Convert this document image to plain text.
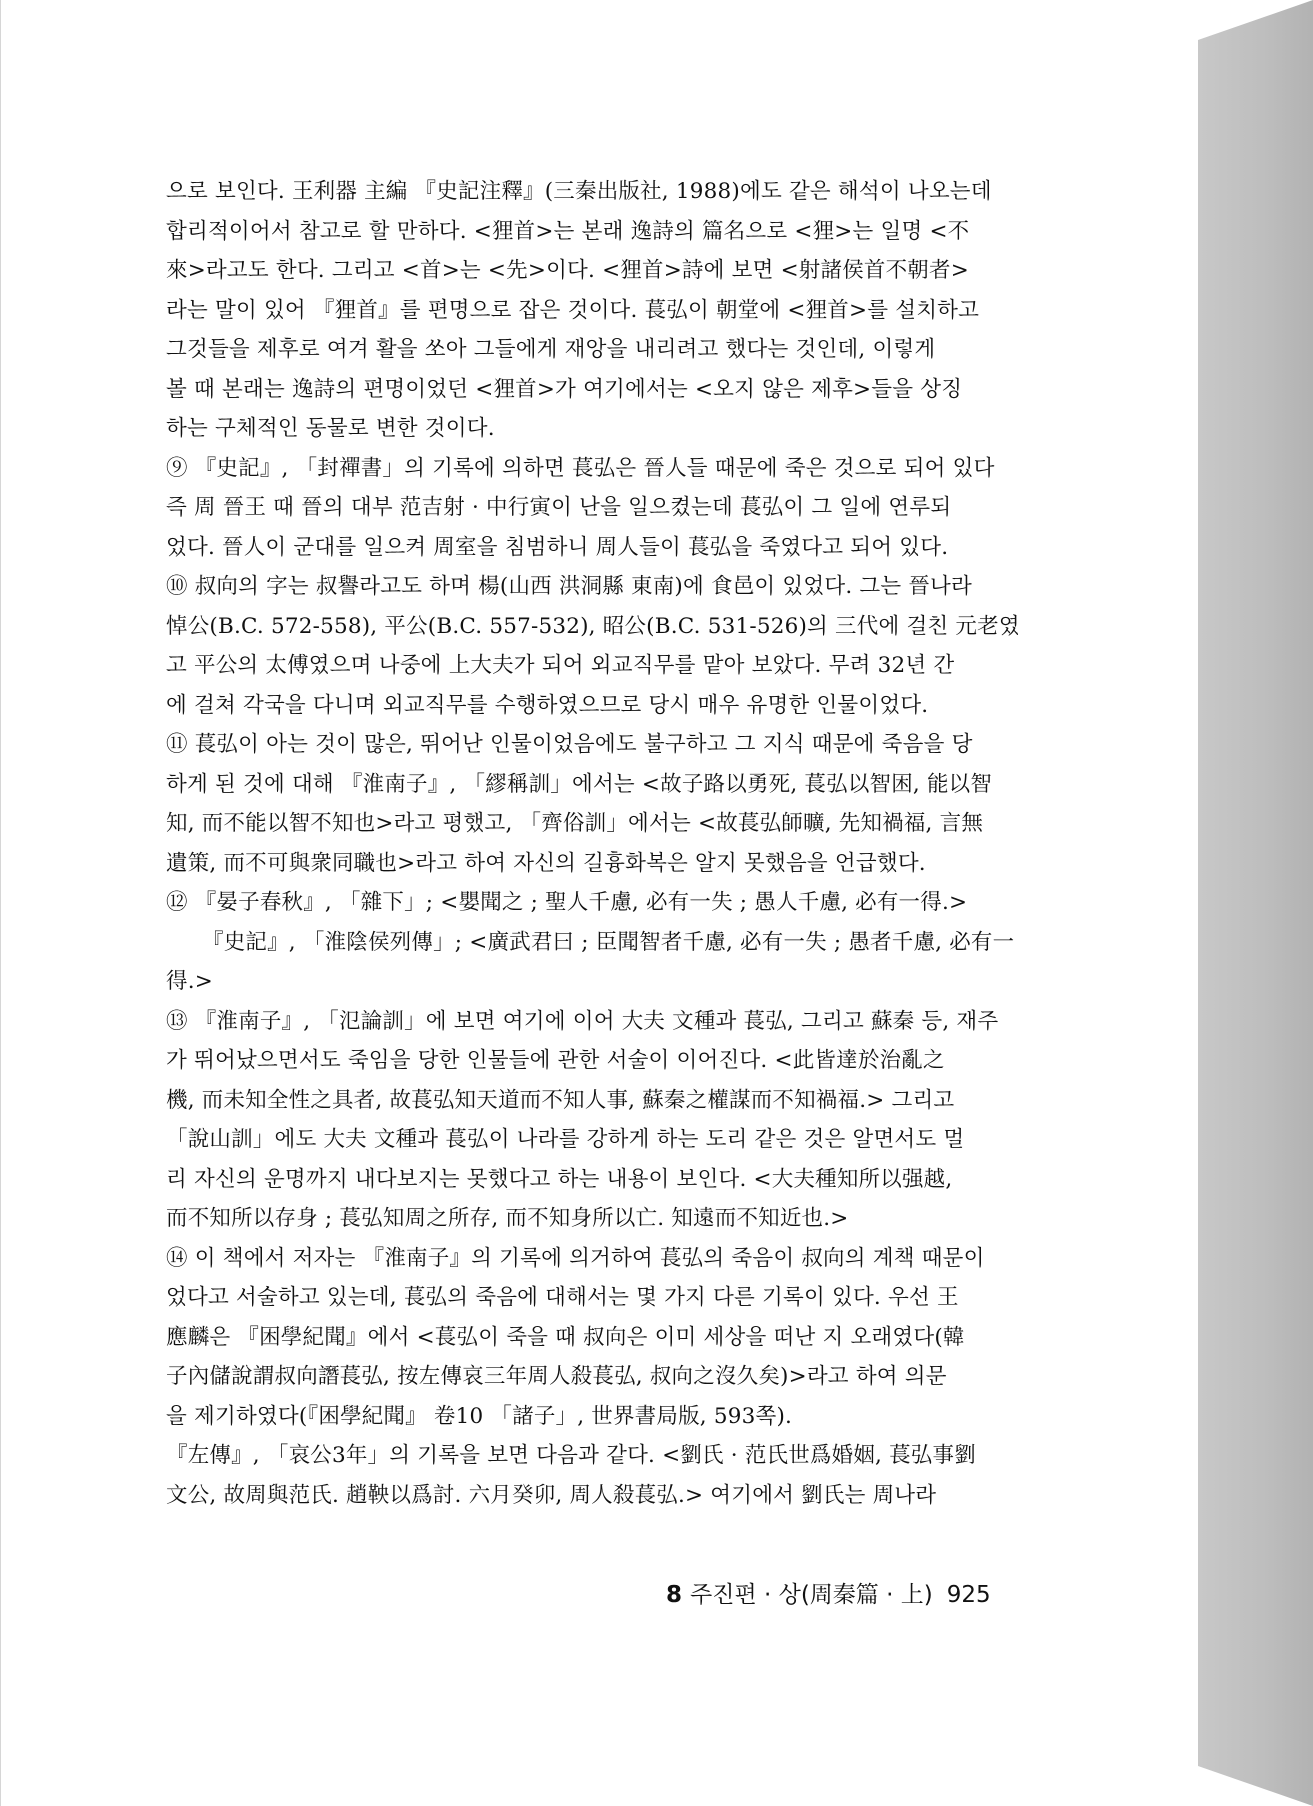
으로 보인다. 王利器 主編 『史記注釋』(三秦出版社, 1988)에도 같은 해석이 나오는데
합리적이어서 참고로 할 만하다. <狸首>는 본래 逸詩의 篇名으로 <狸>는 일명 <不
來>라고도 한다. 그리고 <首>는 <先>이다. <狸首>詩에 보면 <射諸侯首不朝者>
라는 말이 있어 『狸首』를 편명으로 잡은 것이다. 萇弘이 朝堂에 <狸首>를 설치하고
그것들을 제후로 여겨 활을 쏘아 그들에게 재앙을 내리려고 했다는 것인데, 이렇게
볼 때 본래는 逸詩의 편명이었던 <狸首>가 여기에서는 <오지 않은 제후>들을 상징
하는 구체적인 동물로 변한 것이다.
⑨ 『史記』, 「封禪書」의 기록에 의하면 萇弘은 晉人들 때문에 죽은 것으로 되어 있다
즉 周 晉王 때 晉의 대부 范吉射 · 中行寅이 난을 일으켰는데 萇弘이 그 일에 연루되
었다. 晉人이 군대를 일으켜 周室을 침범하니 周人들이 萇弘을 죽였다고 되어 있다.
⑩ 叔向의 字는 叔譽라고도 하며 楊(山西 洪洞縣 東南)에 食邑이 있었다. 그는 晉나라
悼公(B.C. 572-558), 平公(B.C. 557-532), 昭公(B.C. 531-526)의 三代에 걸친 元老였
고 平公의 太傅였으며 나중에 上大夫가 되어 외교직무를 맡아 보았다. 무려 32년 간
에 걸쳐 각국을 다니며 외교직무를 수행하였으므로 당시 매우 유명한 인물이었다.
⑪ 萇弘이 아는 것이 많은, 뛰어난 인물이었음에도 불구하고 그 지식 때문에 죽음을 당
하게 된 것에 대해 『淮南子』, 「繆稱訓」에서는 <故子路以勇死, 萇弘以智困, 能以智
知, 而不能以智不知也>라고 평했고, 「齊俗訓」에서는 <故萇弘師曠, 先知禍福, 言無
遺策, 而不可與衆同職也>라고 하여 자신의 길흉화복은 알지 못했음을 언급했다.
⑫ 『晏子春秋』, 「雜下」; <嬰聞之 ; 聖人千慮, 必有一失 ; 愚人千慮, 必有一得.>
『史記』, 「淮陰侯列傳」; <廣武君曰 ; 臣聞智者千慮, 必有一失 ; 愚者千慮, 必有一
得.>
⑬ 『淮南子』, 「氾論訓」에 보면 여기에 이어 大夫 文種과 萇弘, 그리고 蘇秦 등, 재주
가 뛰어났으면서도 죽임을 당한 인물들에 관한 서술이 이어진다. <此皆達於治亂之
機, 而未知全性之具者, 故萇弘知天道而不知人事, 蘇秦之權謀而不知禍福.> 그리고
「說山訓」에도 大夫 文種과 萇弘이 나라를 강하게 하는 도리 같은 것은 알면서도 멀
리 자신의 운명까지 내다보지는 못했다고 하는 내용이 보인다. <大夫種知所以强越,
而不知所以存身 ; 萇弘知周之所存, 而不知身所以亡. 知遠而不知近也.>
⑭ 이 책에서 저자는 『淮南子』의 기록에 의거하여 萇弘의 죽음이 叔向의 계책 때문이
었다고 서술하고 있는데, 萇弘의 죽음에 대해서는 몇 가지 다른 기록이 있다. 우선 王
應麟은 『困學紀聞』에서 <萇弘이 죽을 때 叔向은 이미 세상을 떠난 지 오래였다(韓
子內儲說謂叔向譖萇弘, 按左傳哀三年周人殺萇弘, 叔向之沒久矣)>라고 하여 의문
을 제기하였다(『困學紀聞』 卷10 「諸子」, 世界書局版, 593쪽).
『左傳』, 「哀公3年」의 기록을 보면 다음과 같다. <劉氏 · 范氏世爲婚姻, 萇弘事劉
文公, 故周與范氏. 趙鞅以爲討. 六月癸卯, 周人殺萇弘.> 여기에서 劉氏는 周나라
8 주진편 · 상(周秦篇 · 上) 925
